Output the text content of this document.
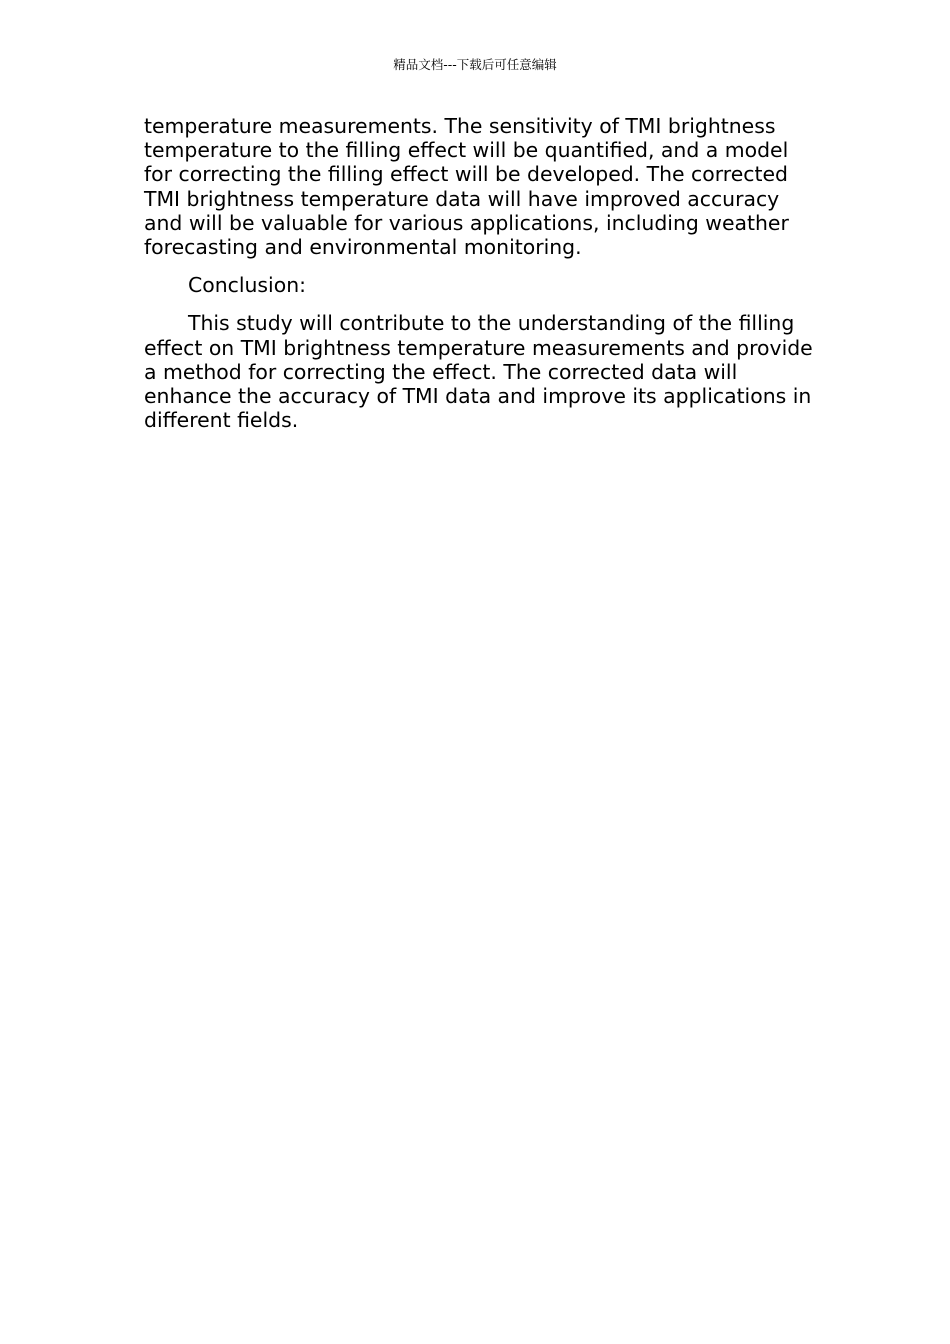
精品文档---下载后可任意编辑

temperature measurements. The sensitivity of TMI brightness temperature to the filling effect will be quantified, and a model for correcting the filling effect will be developed. The corrected TMI brightness temperature data will have improved accuracy and will be valuable for various applications, including weather forecasting and environmental monitoring.

Conclusion:

This study will contribute to the understanding of the filling effect on TMI brightness temperature measurements and provide a method for correcting the effect. The corrected data will enhance the accuracy of TMI data and improve its applications in different fields.
